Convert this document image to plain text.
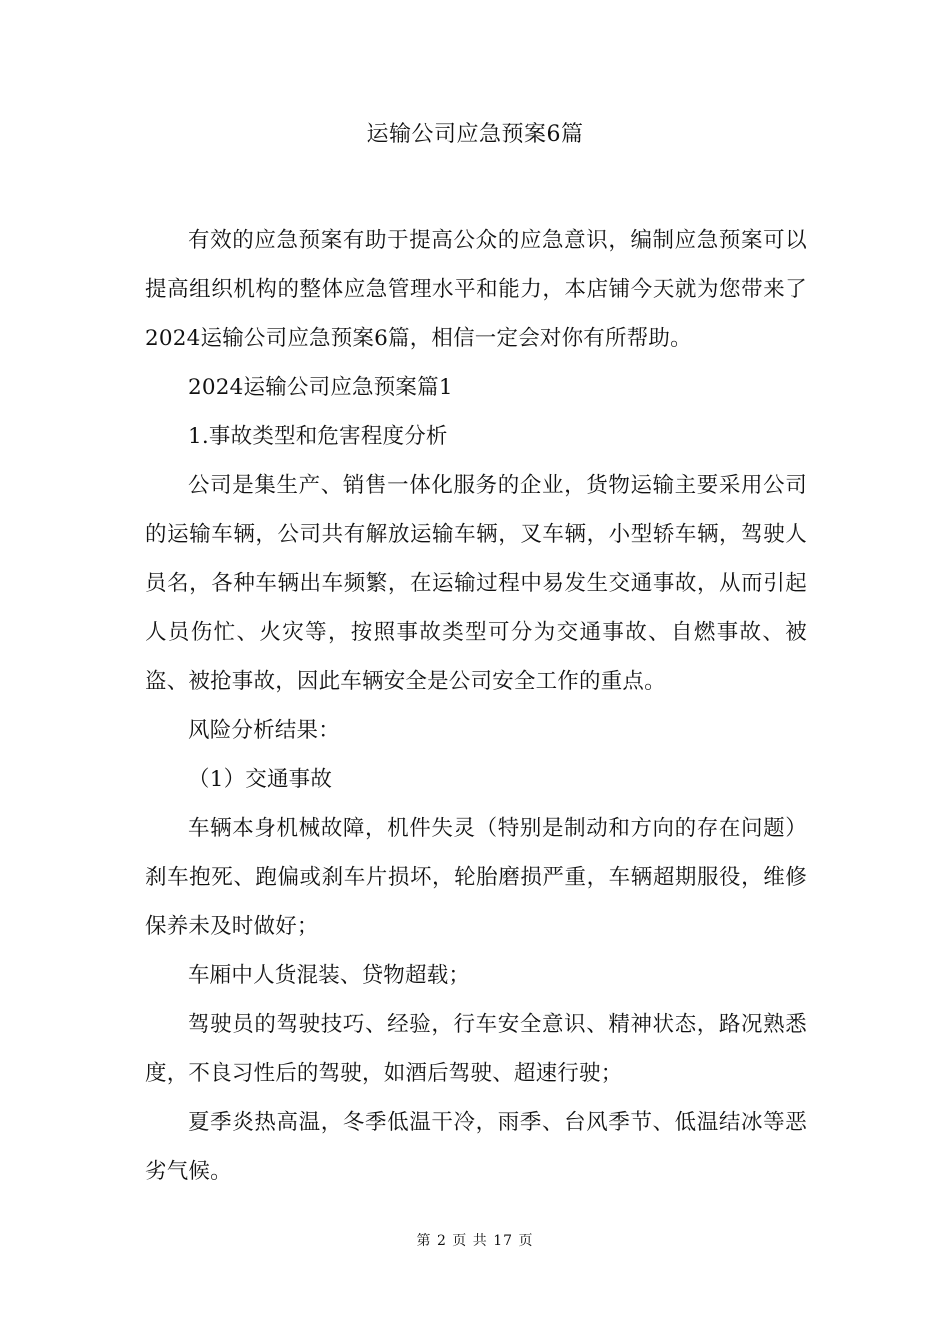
运输公司应急预案6篇

有效的应急预案有助于提高公众的应急意识，编制应急预案可以提高组织机构的整体应急管理水平和能力，本店铺今天就为您带来了2024运输公司应急预案6篇，相信一定会对你有所帮助。

2024运输公司应急预案篇1

1.事故类型和危害程度分析

公司是集生产、销售一体化服务的企业，货物运输主要采用公司的运输车辆，公司共有解放运输车辆，叉车辆，小型轿车辆，驾驶人员名，各种车辆出车频繁，在运输过程中易发生交通事故，从而引起人员伤忙、火灾等，按照事故类型可分为交通事故、自燃事故、被盗、被抢事故，因此车辆安全是公司安全工作的重点。

风险分析结果：

（1）交通事故

车辆本身机械故障，机件失灵（特别是制动和方向的存在问题）刹车抱死、跑偏或刹车片损坏，轮胎磨损严重，车辆超期服役，维修保养未及时做好；

车厢中人货混装、贷物超载；

驾驶员的驾驶技巧、经验，行车安全意识、精神状态，路况熟悉度，不良习性后的驾驶，如酒后驾驶、超速行驶；

夏季炎热高温，冬季低温干冷，雨季、台风季节、低温结冰等恶劣气候。

第 2 页 共 17 页
